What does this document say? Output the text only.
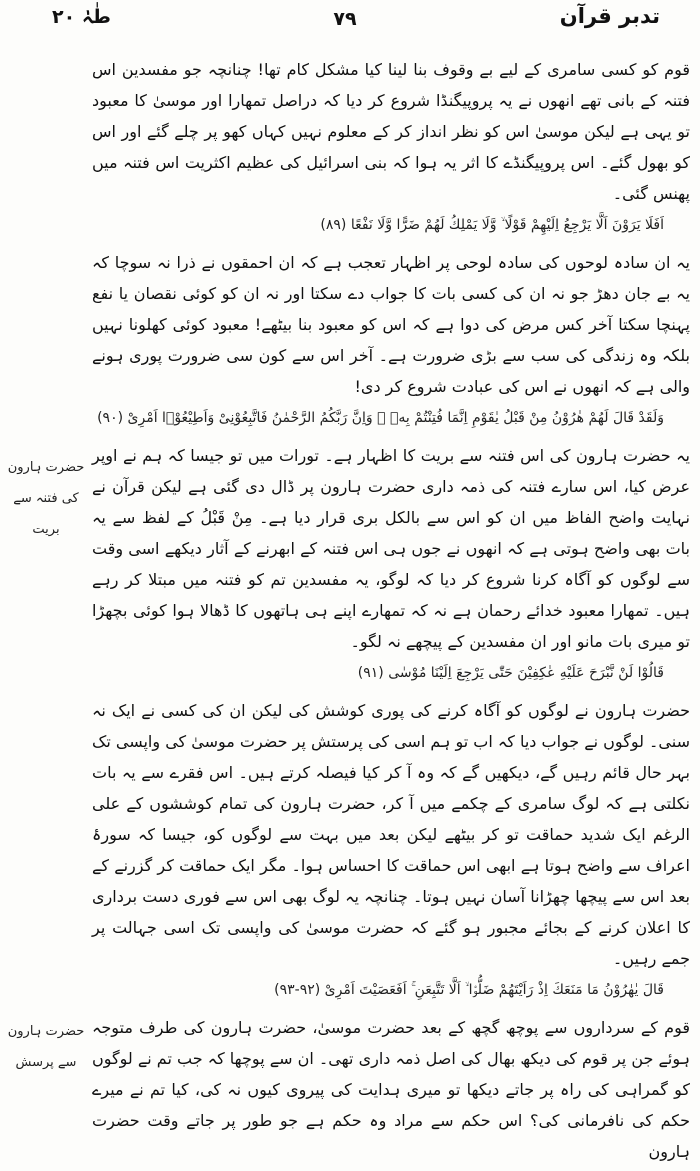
طٰہٰ ۲۰	۷۹	تدبر قرآن

قوم کو کسی سامری کے لیے بے وقوف بنا لینا کیا مشکل کام تھا! چنانچہ جو مفسدین اس فتنہ کے بانی تھے انھوں نے یہ پروپیگنڈا شروع کر دیا کہ دراصل تمھارا اور موسیٰ کا معبود تو یہی ہے لیکن موسیٰ اس کو نظر انداز کر کے معلوم نہیں کہاں کھو پر چلے گئے اور اس کو بھول گئے۔ اس پروپیگنڈے کا اثر یہ ہوا کہ بنی اسرائیل کی عظیم اکثریت اس فتنہ میں پھنس گئی۔

اَفَلَا یَرَوْنَ اَلَّا یَرْجِعُ اِلَیْهِمْ قَوْلًا ۙ وَّلَا یَمْلِكُ لَهُمْ ضَرًّا وَّلَا نَفْعًا (۸۹)

یہ ان سادہ لوحوں کی سادہ لوحی پر اظہار تعجب ہے کہ ان احمقوں نے ذرا نہ سوچا کہ یہ بے جان دھڑ جو نہ ان کی کسی بات کا جواب دے سکتا اور نہ ان کو کوئی نقصان یا نفع پہنچا سکتا آخر کس مرض کی دوا ہے کہ اس کو معبود بنا بیٹھے! معبود کوئی کھلونا نہیں بلکہ وہ زندگی کی سب سے بڑی ضرورت ہے۔ آخر اس سے کون سی ضرورت پوری ہونے والی ہے کہ انھوں نے اس کی عبادت شروع کر دی!

وَلَقَدْ قَالَ لَهُمْ هٰرُوْنُ مِنْ قَبْلُ یٰقَوْمِ اِنَّمَا فُتِنْتُمْ بِهٖ ۚ وَاِنَّ رَبَّكُمُ الرَّحْمٰنُ فَاتَّبِعُوْنِیْ وَاَطِیْعُوْۤا اَمْرِیْ (۹۰)

یہ حضرت ہارون کی اس فتنہ سے بریت کا اظہار ہے۔ تورات میں تو جیسا کہ ہم نے اوپر عرض کیا، اس سارے فتنہ کی ذمہ داری حضرت ہارون پر ڈال دی گئی ہے لیکن قرآن نے نہایت واضح الفاظ میں ان کو اس سے بالکل بری قرار دیا ہے۔ مِنْ قَبْلُ کے لفظ سے یہ بات بھی واضح ہوتی ہے کہ انھوں نے جوں ہی اس فتنہ کے ابھرنے کے آثار دیکھے اسی وقت سے لوگوں کو آگاہ کرنا شروع کر دیا کہ لوگو، یہ مفسدین تم کو فتنہ میں مبتلا کر رہے ہیں۔ تمھارا معبود خدائے رحمان ہے نہ کہ تمھارے اپنے ہی ہاتھوں کا ڈھالا ہوا کوئی بچھڑا تو میری بات مانو اور ان مفسدین کے پیچھے نہ لگو۔

قَالُوْا لَنْ نَّبْرَحَ عَلَیْهِ عٰكِفِیْنَ حَتّٰی یَرْجِعَ اِلَیْنَا مُوْسٰی (۹۱)

حضرت ہارون نے لوگوں کو آگاہ کرنے کی پوری کوشش کی لیکن ان کی کسی نے ایک نہ سنی۔ لوگوں نے جواب دیا کہ اب تو ہم اسی کی پرستش پر حضرت موسیٰ کی واپسی تک بہر حال قائم رہیں گے، دیکھیں گے کہ وہ آ کر کیا فیصلہ کرتے ہیں۔ اس فقرے سے یہ بات نکلتی ہے کہ لوگ سامری کے چکمے میں آ کر، حضرت ہارون کی تمام کوششوں کے علی الرغم ایک شدید حماقت تو کر بیٹھے لیکن بعد میں بہت سے لوگوں کو، جیسا کہ سورۂ اعراف سے واضح ہوتا ہے ابھی اس حماقت کا احساس ہوا۔ مگر ایک حماقت کر گزرنے کے بعد اس سے پیچھا چھڑانا آسان نہیں ہوتا۔ چنانچہ یہ لوگ بھی اس سے فوری دست برداری کا اعلان کرنے کے بجائے مجبور ہو گئے کہ حضرت موسیٰ کی واپسی تک اسی جہالت پر جمے رہیں۔

قَالَ یٰهٰرُوْنُ مَا مَنَعَكَ اِذْ رَاَیْتَهُمْ ضَلُّوْۤا ۙ اَلَّا تَتَّبِعَنِ ۚ اَفَعَصَیْتَ اَمْرِیْ (۹۲-۹۳)

قوم کے سرداروں سے پوچھ گچھ کے بعد حضرت موسیٰ، حضرت ہارون کی طرف متوجہ ہوئے جن پر قوم کی دیکھ بھال کی اصل ذمہ داری تھی۔ ان سے پوچھا کہ جب تم نے لوگوں کو گمراہی کی راہ پر جاتے دیکھا تو میری ہدایت کی پیروی کیوں نہ کی، کیا تم نے میرے حکم کی نافرمانی کی؟ اس حکم سے مراد وہ حکم ہے جو طور پر جاتے وقت حضرت ہارون

حضرت ہارون کی فتنہ سے بریت
حضرت ہارون سے پرسش
